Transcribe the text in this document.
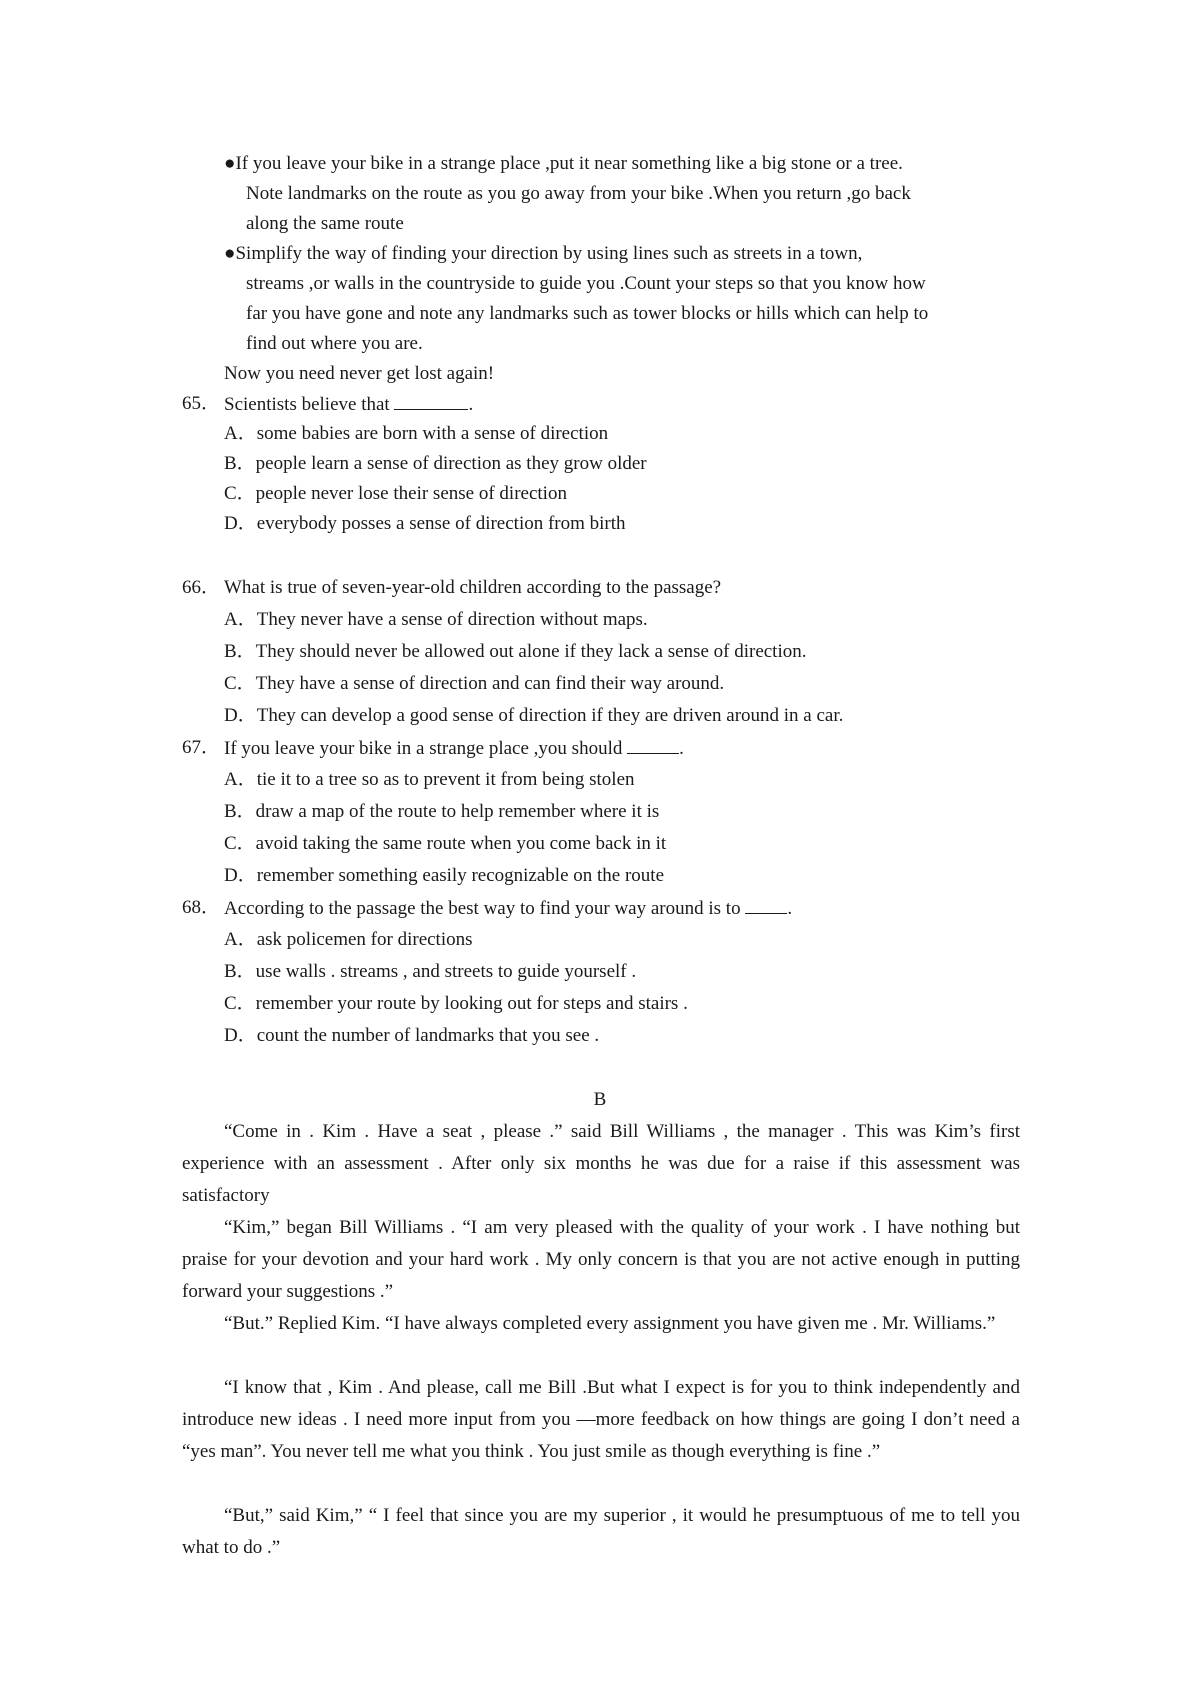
●If you leave your bike in a strange place ,put it near something like a big stone or a tree.
Note landmarks on the route as you go away from your bike .When you return ,go back
along the same route
●Simplify the way of finding your direction by using lines such as streets in a town,
streams ,or walls in the countryside to guide you .Count your steps so that you know how
far you have gone and note any landmarks such as tower blocks or hills which can help to
find out where you are.
Now you need never get lost again!
65． Scientists believe that	.
A．some babies are born with a sense of direction
B．people learn a sense of direction as they grow older
C．people never lose their sense of direction
D．everybody posses a sense of direction from birth
66． What is true of seven-year-old children according to the passage?
A．They never have a sense of direction without maps.
B．They should never be allowed out alone if they lack a sense of direction.
C．They have a sense of direction and can find their way around.
D．They can develop a good sense of direction if they are driven around in a car.
67． If you leave your bike in a strange place ,you should	.
A．tie it to a tree so as to prevent it from being stolen
B．draw a map of the route to help remember where it is
C．avoid taking the same route when you come back in it
D．remember something easily recognizable on the route
68． According to the passage the best way to find your way around is to .
A．ask policemen for directions
B．use walls . streams , and streets to guide yourself .
C．remember your route by looking out for steps and stairs .
D．count the number of landmarks that you see .
B

“Come in . Kim . Have a seat , please .” said Bill Williams , the manager . This was Kim’s first experience with an assessment . After only six months he was due for a raise if this assessment was satisfactory

“Kim,” began Bill Williams . “I am very pleased with the quality of your work . I have nothing but praise for your devotion and your hard work . My only concern is that you are not active enough in putting forward your suggestions .”

“But.” Replied Kim. “I have always completed every assignment you have given me . Mr. Williams.”

“I know that , Kim . And please, call me Bill .But what I expect is for you to think independently and introduce new ideas . I need more input from you —more feedback on how things are going I don’t need a “yes man”. You never tell me what you think . You just smile as though everything is fine .”

“But,” said Kim,” “ I feel that since you are my superior , it would he presumptuous of me to tell you what to do .”
